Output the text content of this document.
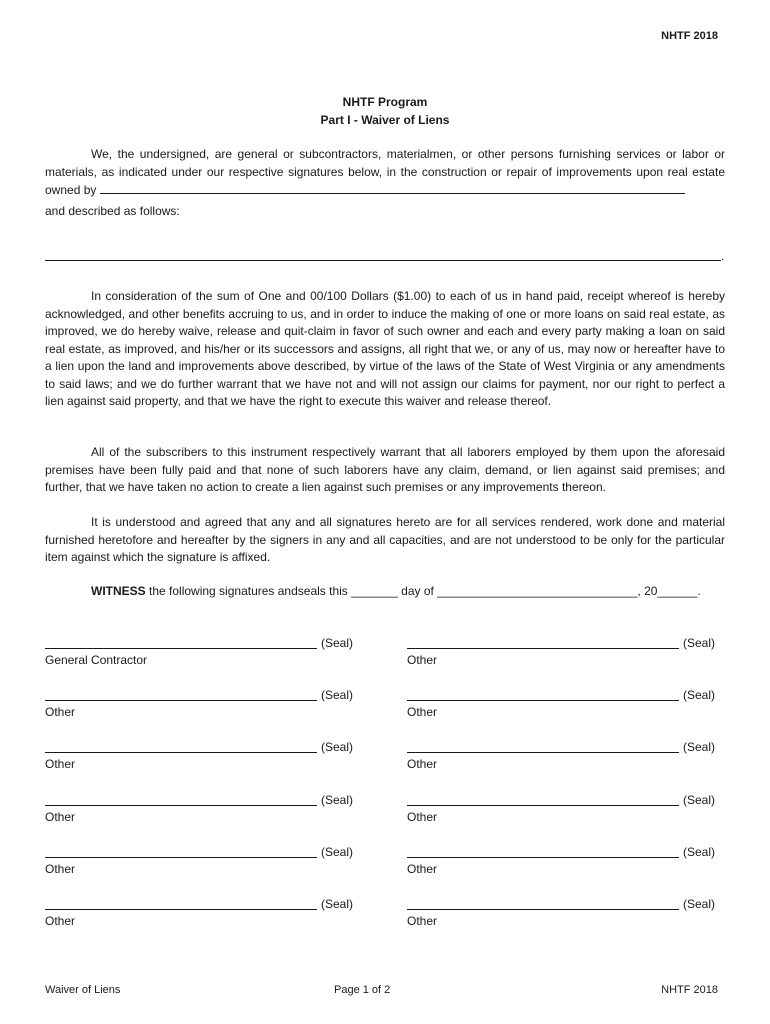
NHTF 2018
NHTF Program
Part I - Waiver of Liens
We, the undersigned, are general or subcontractors, materialmen, or other persons furnishing services or labor or materials, as indicated under our respective signatures below, in the construction or repair of improvements upon real estate owned by
and described as follows:
.
In consideration of the sum of One and 00/100 Dollars ($1.00) to each of us in hand paid, receipt whereof is hereby acknowledged, and other benefits accruing to us, and in order to induce the making of one or more loans on said real estate, as improved, we do hereby waive, release and quit-claim in favor of such owner and each and every party making a loan on said real estate, as improved, and his/her or its successors and assigns, all right that we, or any of us, may now or hereafter have to a lien upon the land and improvements above described, by virtue of the laws of the State of West Virginia or any amendments to said laws; and we do further warrant that we have not and will not assign our claims for payment, nor our right to perfect a lien against said property, and that we have the right to execute this waiver and release thereof.
All of the subscribers to this instrument respectively warrant that all laborers employed by them upon the aforesaid premises have been fully paid and that none of such laborers have any claim, demand, or lien against said premises; and further, that we have taken no action to create a lien against such premises or any improvements thereon.
It is understood and agreed that any and all signatures hereto are for all services rendered, work done and material furnished heretofore and hereafter by the signers in any and all capacities, and are not understood to be only for the particular item against which the signature is affixed.
WITNESS the following signatures andseals this _______ day of ______________________________, 20______.
(Seal)
General Contractor
(Seal)
Other
(Seal)
Other
(Seal)
Other
(Seal)
Other
(Seal)
Other
(Seal)
Other
(Seal)
Other
(Seal)
Other
(Seal)
Other
(Seal)
Other
(Seal)
Other
Waiver of Liens	Page 1 of 2	NHTF 2018
